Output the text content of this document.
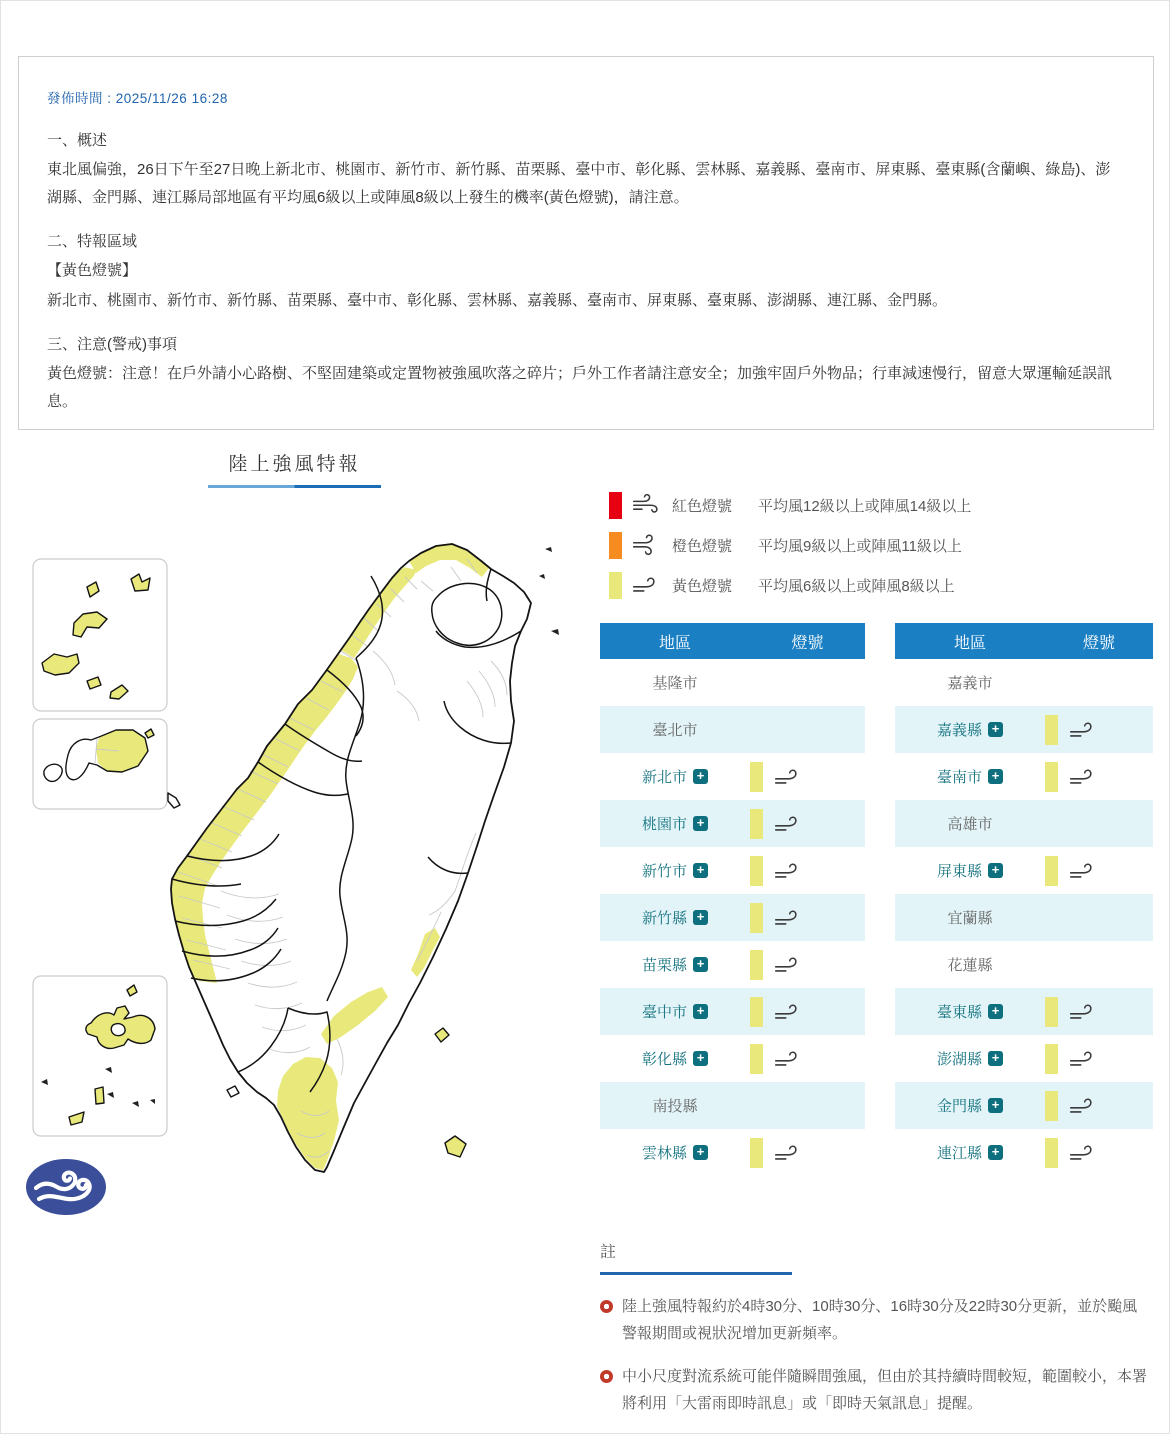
發佈時間 : 2025/11/26 16:28

一、概述

東北風偏強，26日下午至27日晚上新北市、桃園市、新竹市、新竹縣、苗栗縣、臺中市、彰化縣、雲林縣、嘉義縣、臺南市、屏東縣、臺東縣(含蘭嶼、綠島)、澎湖縣、金門縣、連江縣局部地區有平均風6級以上或陣風8級以上發生的機率(黃色燈號)，請注意。

二、特報區域

【黃色燈號】

新北市、桃園市、新竹市、新竹縣、苗栗縣、臺中市、彰化縣、雲林縣、嘉義縣、臺南市、屏東縣、臺東縣、澎湖縣、連江縣、金門縣。

三、注意(警戒)事項

黃色燈號：注意！在戶外請小心路樹、不堅固建築或定置物被強風吹落之碎片；戶外工作者請注意安全；加強牢固戶外物品；行車減速慢行，留意大眾運輸延誤訊息。

陸上強風特報
紅色燈號	平均風12級以上或陣風14級以上
橙色燈號	平均風9級以上或陣風11級以上
黃色燈號	平均風6級以上或陣風8級以上
地區	燈號
基隆市
臺北市
新北市 +
桃園市 +
新竹市 +
新竹縣 +
苗栗縣 +
臺中市 +
彰化縣 +
南投縣
雲林縣 +
地區	燈號
嘉義市
嘉義縣 +
臺南市 +
高雄市
屏東縣 +
宜蘭縣
花蓮縣
臺東縣 +
澎湖縣 +
金門縣 +
連江縣 +
註
陸上強風特報約於4時30分、10時30分、16時30分及22時30分更新，並於颱風警報期間或視狀況增加更新頻率。
中小尺度對流系統可能伴隨瞬間強風，但由於其持續時間較短，範圍較小，本署將利用「大雷雨即時訊息」或「即時天氣訊息」提醒。
